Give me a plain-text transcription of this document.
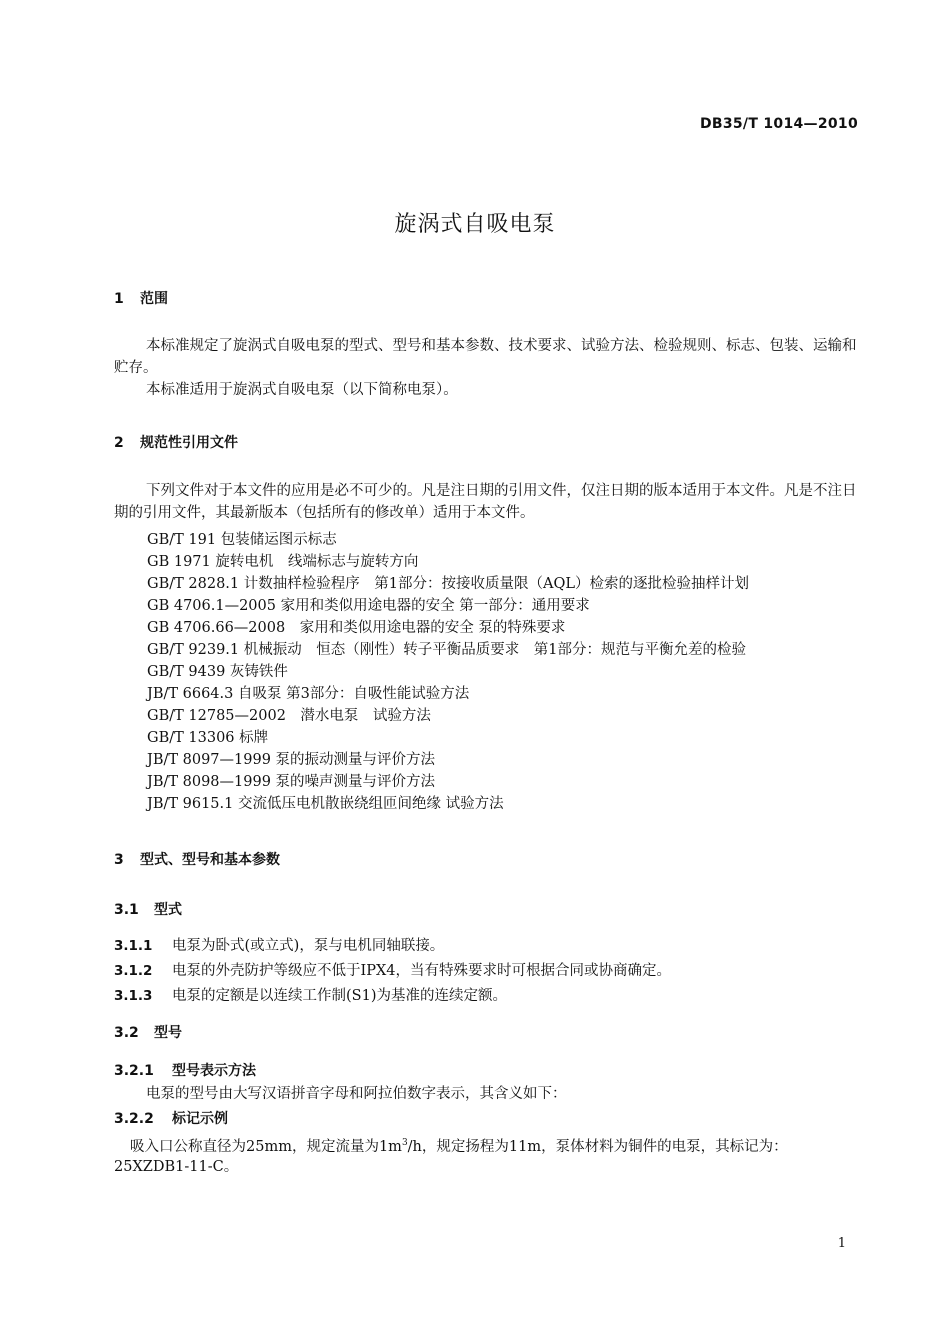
DB35/T 1014—2010
旋涡式自吸电泵
1 范围
本标准规定了旋涡式自吸电泵的型式、型号和基本参数、技术要求、试验方法、检验规则、标志、包装、运输和贮存。
本标准适用于旋涡式自吸电泵（以下简称电泵）。
2 规范性引用文件
下列文件对于本文件的应用是必不可少的。凡是注日期的引用文件，仅注日期的版本适用于本文件。凡是不注日期的引用文件，其最新版本（包括所有的修改单）适用于本文件。
GB/T 191 包装储运图示标志
GB 1971 旋转电机　线端标志与旋转方向
GB/T 2828.1 计数抽样检验程序　第1部分：按接收质量限（AQL）检索的逐批检验抽样计划
GB 4706.1—2005 家用和类似用途电器的安全 第一部分：通用要求
GB 4706.66—2008　家用和类似用途电器的安全 泵的特殊要求
GB/T 9239.1 机械振动　恒态（刚性）转子平衡品质要求　第1部分：规范与平衡允差的检验
GB/T 9439 灰铸铁件
JB/T 6664.3 自吸泵 第3部分：自吸性能试验方法
GB/T 12785—2002　潜水电泵　试验方法
GB/T 13306 标牌
JB/T 8097—1999 泵的振动测量与评价方法
JB/T 8098—1999 泵的噪声测量与评价方法
JB/T 9615.1 交流低压电机散嵌绕组匝间绝缘 试验方法
3 型式、型号和基本参数
3.1 型式
3.1.1 电泵为卧式(或立式)，泵与电机同轴联接。
3.1.2 电泵的外壳防护等级应不低于IPX4，当有特殊要求时可根据合同或协商确定。
3.1.3 电泵的定额是以连续工作制(S1)为基准的连续定额。
3.2 型号
3.2.1 型号表示方法
电泵的型号由大写汉语拼音字母和阿拉伯数字表示，其含义如下：
3.2.2 标记示例
吸入口公称直径为25mm，规定流量为$1m^3/h$，规定扬程为11m，泵体材料为铜件的电泵，其标记为：
25XZDB1-11-C。
1
